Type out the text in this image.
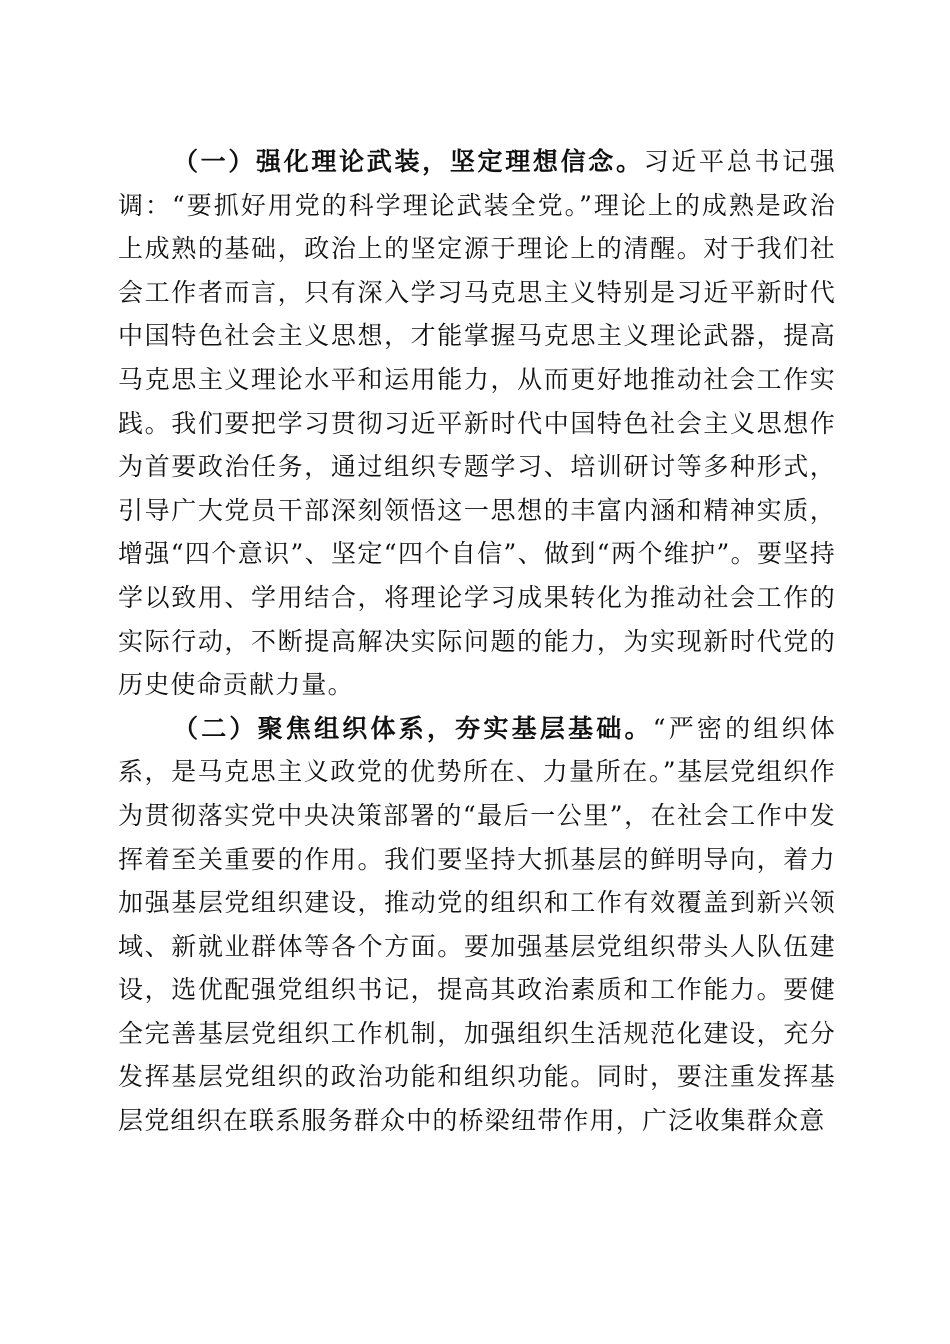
（一）强化理论武装，坚定理想信念。习近平总书记强调：“要抓好用党的科学理论武装全党。”理论上的成熟是政治上成熟的基础，政治上的坚定源于理论上的清醒。对于我们社会工作者而言，只有深入学习马克思主义特别是习近平新时代中国特色社会主义思想，才能掌握马克思主义理论武器，提高马克思主义理论水平和运用能力，从而更好地推动社会工作实践。我们要把学习贯彻习近平新时代中国特色社会主义思想作为首要政治任务，通过组织专题学习、培训研讨等多种形式，引导广大党员干部深刻领悟这一思想的丰富内涵和精神实质，增强“四个意识”、坚定“四个自信”、做到“两个维护”。要坚持学以致用、学用结合，将理论学习成果转化为推动社会工作的实际行动，不断提高解决实际问题的能力，为实现新时代党的历史使命贡献力量。

（二）聚焦组织体系，夯实基层基础。“严密的组织体系，是马克思主义政党的优势所在、力量所在。”基层党组织作为贯彻落实党中央决策部署的“最后一公里”，在社会工作中发挥着至关重要的作用。我们要坚持大抓基层的鲜明导向，着力加强基层党组织建设，推动党的组织和工作有效覆盖到新兴领域、新就业群体等各个方面。要加强基层党组织带头人队伍建设，选优配强党组织书记，提高其政治素质和工作能力。要健全完善基层党组织工作机制，加强组织生活规范化建设，充分发挥基层党组织的政治功能和组织功能。同时，要注重发挥基层党组织在联系服务群众中的桥梁纽带作用，广泛收集群众意
